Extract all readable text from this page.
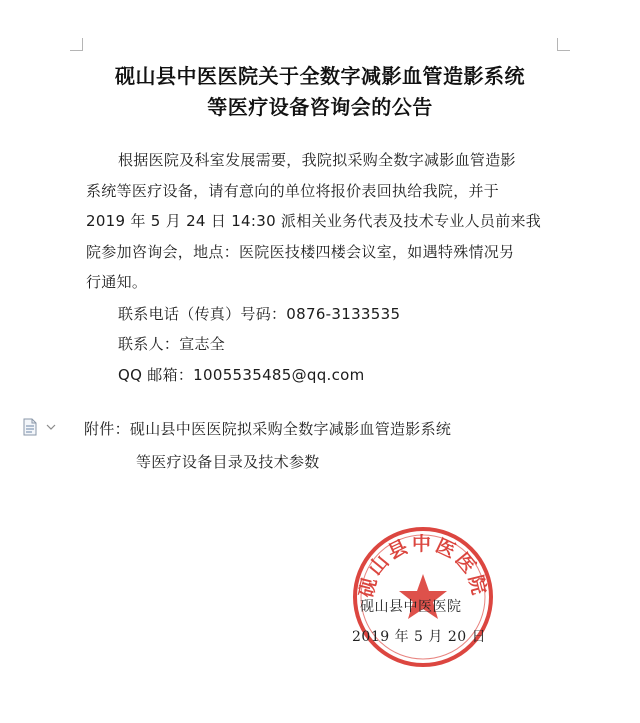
砚山县中医医院关于全数字减影血管造影系统
等医疗设备咨询会的公告
根据医院及科室发展需要，我院拟采购全数字减影血管造影
系统等医疗设备，请有意向的单位将报价表回执给我院，并于
2019 年 5 月 24 日 14:30 派相关业务代表及技术专业人员前来我
院参加咨询会，地点：医院医技楼四楼会议室，如遇特殊情况另
行通知。
联系电话（传真）号码：0876-3133535
联系人：宣志全
QQ 邮箱：1005535485@qq.com
附件：砚山县中医医院拟采购全数字减影血管造影系统
等医疗设备目录及技术参数
砚山县中医医院
砚山县中医医院
2019 年 5 月 20 日
